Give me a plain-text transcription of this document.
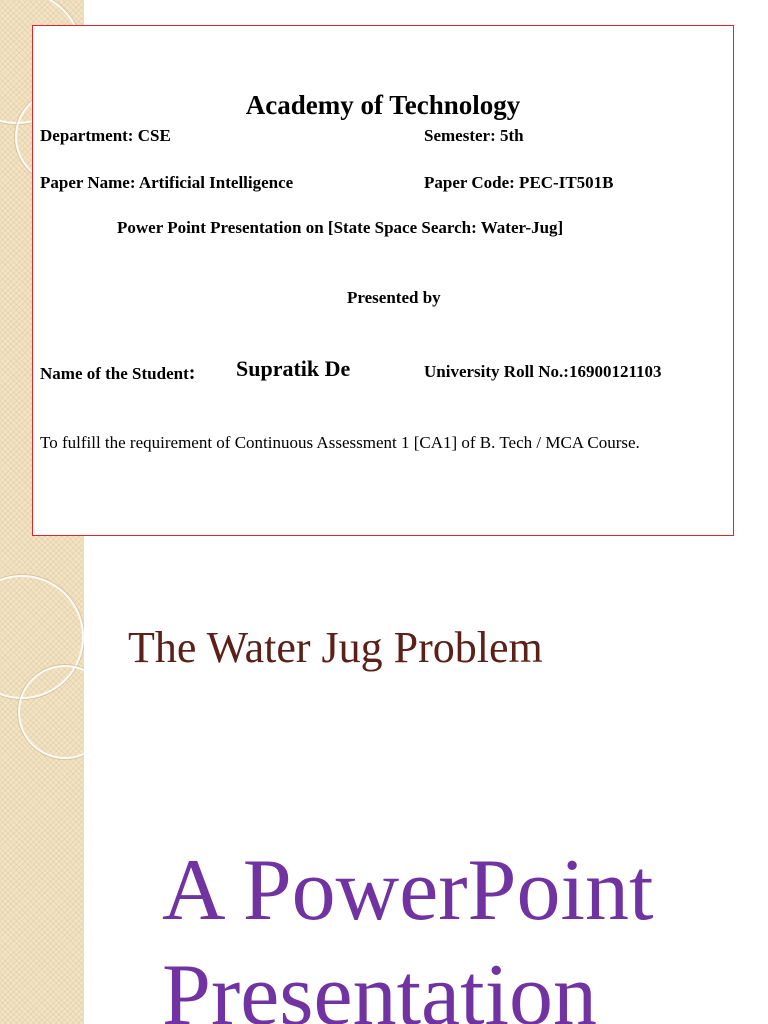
Academy of Technology
Department: CSE	Semester: 5th
Paper Name: Artificial Intelligence	Paper Code: PEC-IT501B
Power Point Presentation on [State Space Search: Water-Jug]
Presented by
Name of the Student: Supratik De	University Roll No.:16900121103
To fulfill the requirement of Continuous Assessment 1 [CA1] of B. Tech / MCA Course.
The Water Jug Problem
A PowerPoint
Presentation
